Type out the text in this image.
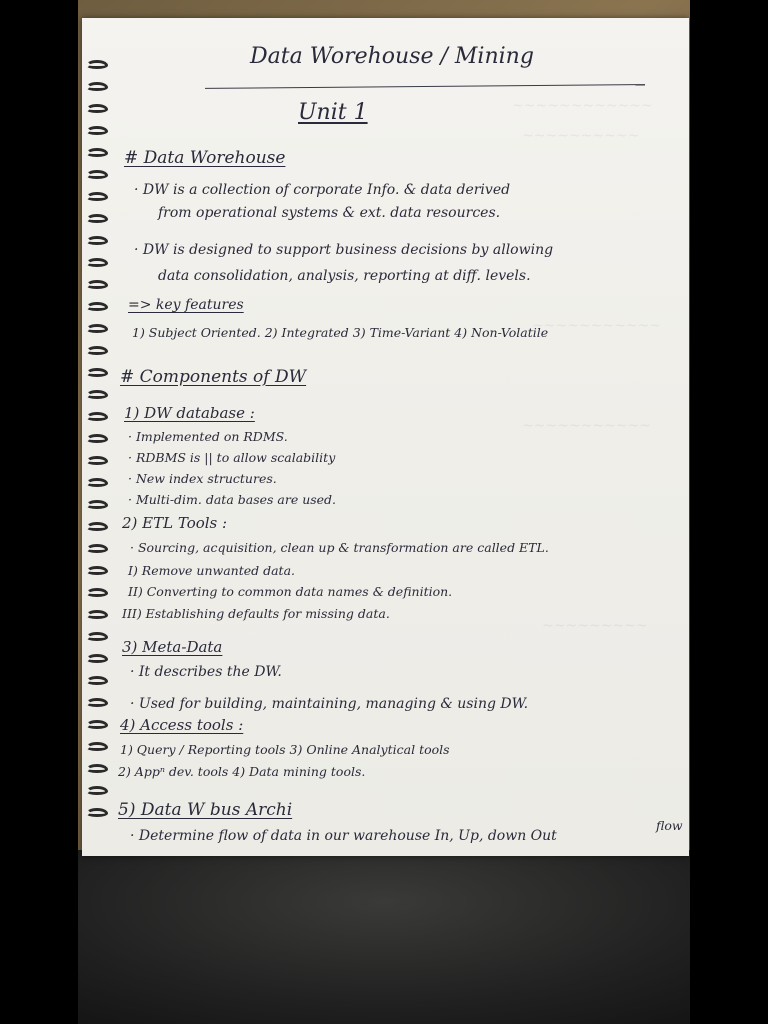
~~~~~~~~~~~~
~~~~~~~~~~
~~~~~~~~~~~
~~~~~~~~~~~
~~~~~~~~~
Data Worehouse / Mining
Unit 1
# Data Worehouse
· DW is a collection of corporate Info. & data derived
from operational systems & ext. data resources.
· DW is designed to support business decisions by allowing
data consolidation, analysis, reporting at diff. levels.
=> key features
1) Subject Oriented. 2) Integrated 3) Time-Variant 4) Non-Volatile
# Components of DW
1) DW database :
· Implemented on RDMS.
· RDBMS is || to allow scalability
· New index structures.
· Multi-dim. data bases are used.
2) ETL Tools :
· Sourcing, acquisition, clean up & transformation are called ETL.
I) Remove unwanted data.
II) Converting to common data names & definition.
III) Establishing defaults for missing data.
3) Meta-Data
· It describes the DW.
· Used for building, maintaining, managing & using DW.
4) Access tools :
1) Query / Reporting tools 3) Online Analytical tools
2) Appⁿ dev. tools 4) Data mining tools.
5) Data W bus Archi
· Determine flow of data in our warehouse In, Up, down Out
flow
